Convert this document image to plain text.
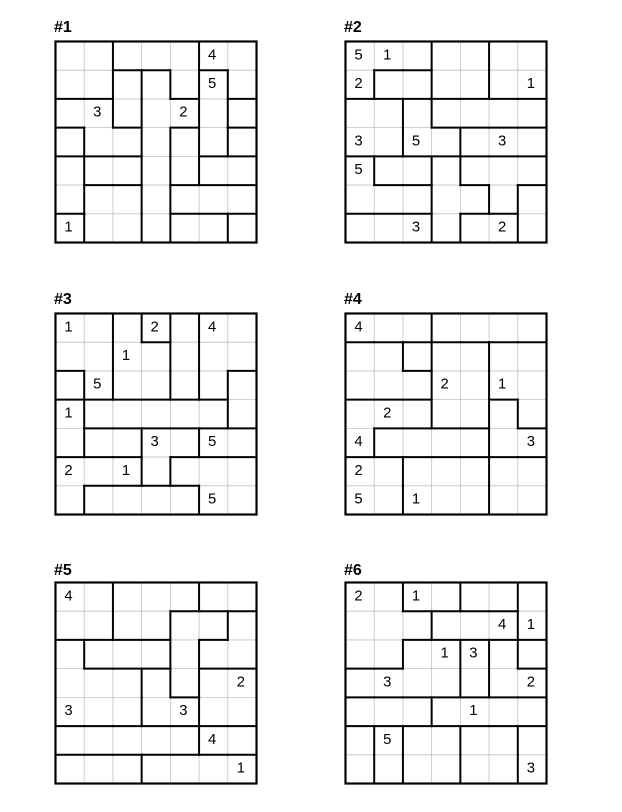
#1
4
5
3	2
1
#2
5 1
2	1
3	5	3
5
3	2
#3
1	2	4
1
5
1
3	5
2	1
5
#4
4
2	1
2
4	3
2
5	1
#5
4
2
3	3
4
1
#6
2	1
4 1
1 3
3	2
1
5
3
